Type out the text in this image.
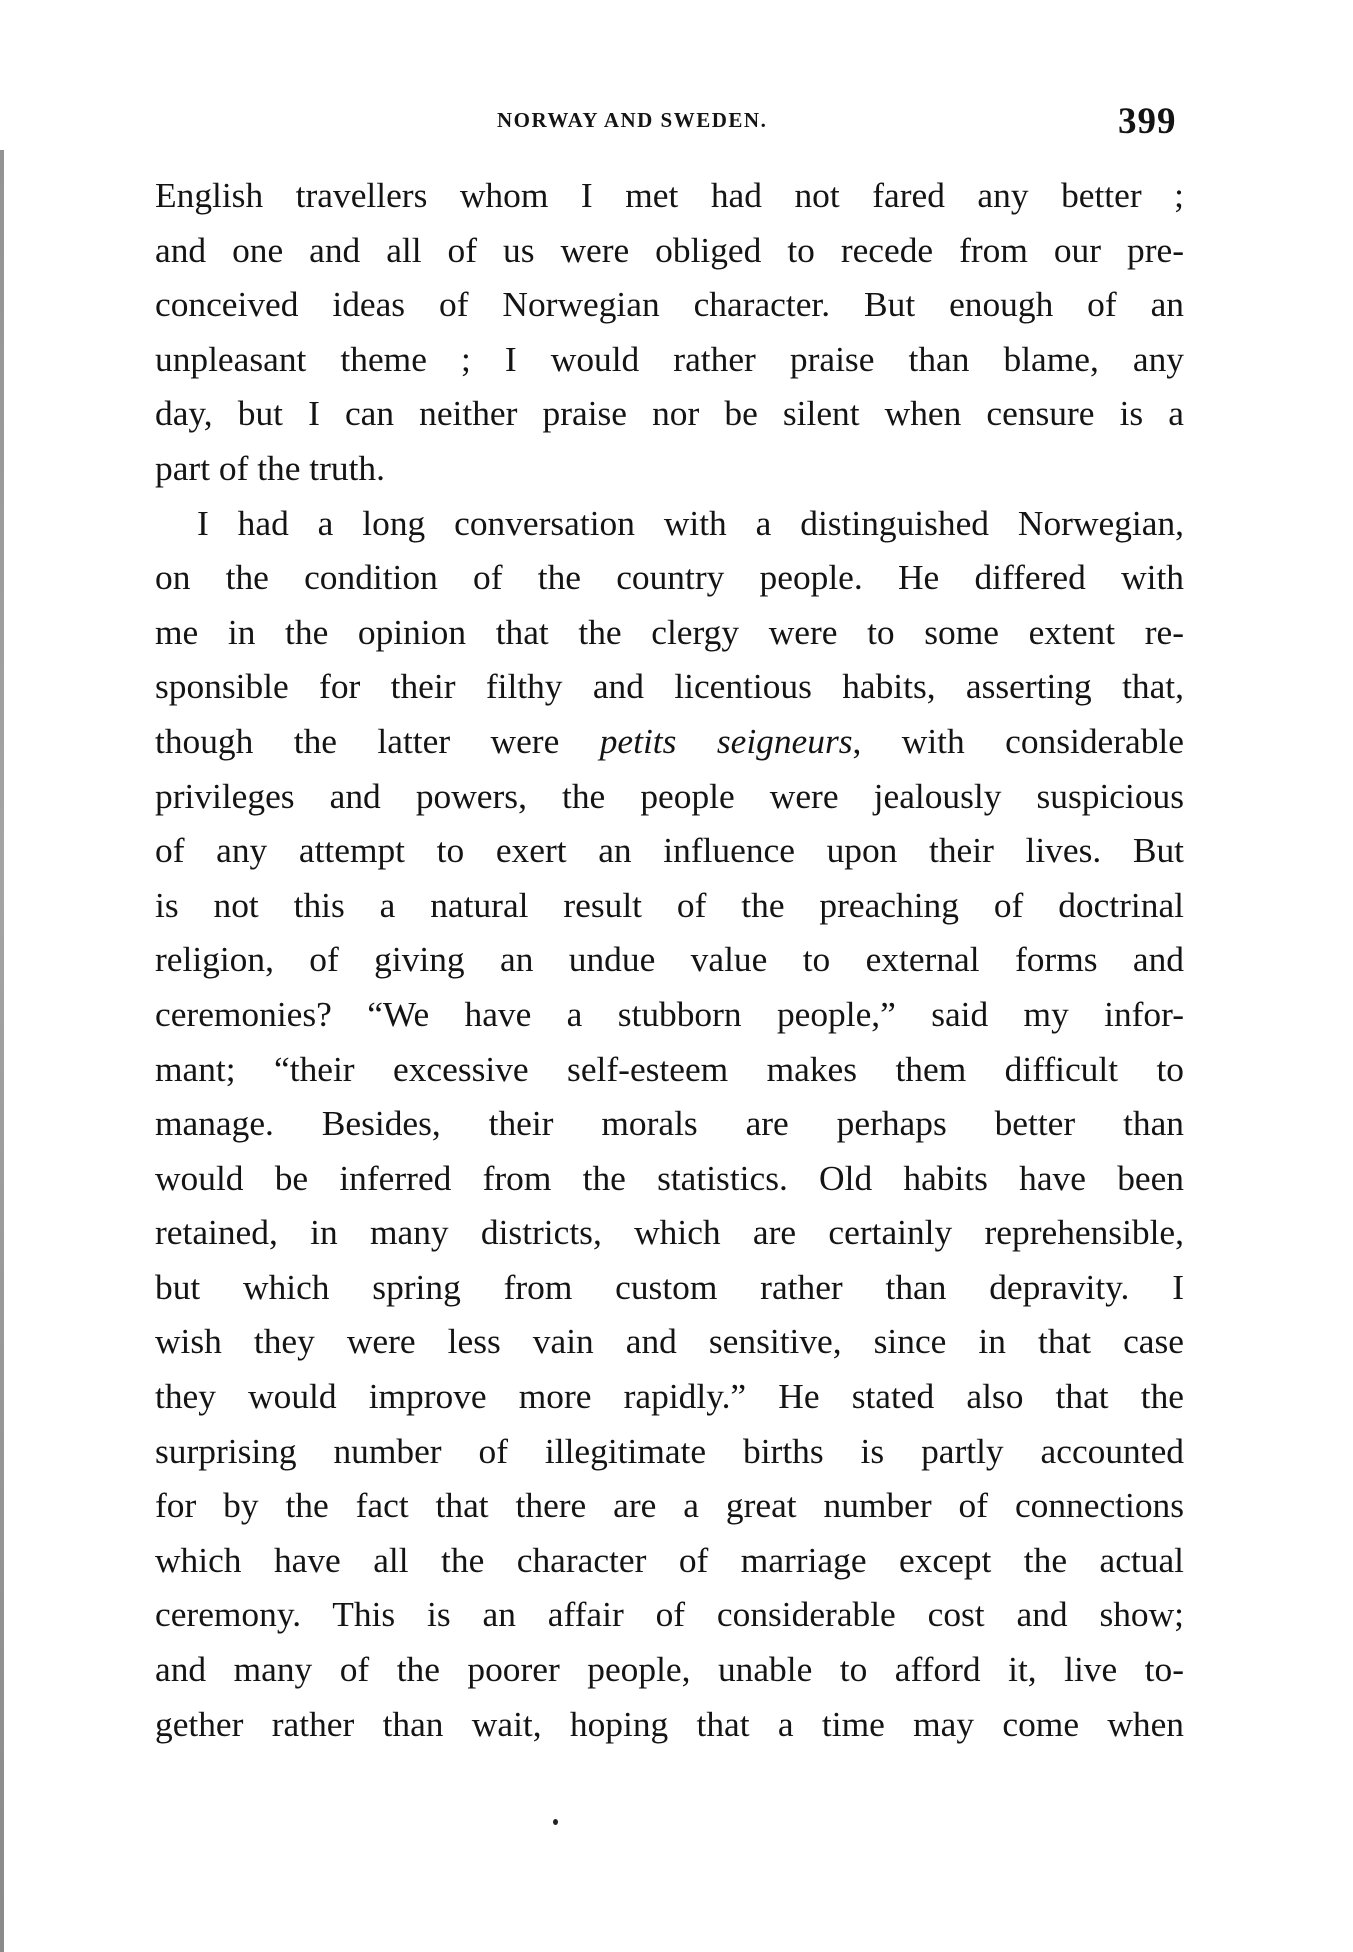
NORWAY AND SWEDEN.	399

English travellers whom I met had not fared any better ;

and one and all of us were obliged to recede from our pre-

conceived ideas of Norwegian character. But enough of an

unpleasant theme ; I would rather praise than blame, any

day, but I can neither praise nor be silent when censure is a

part of the truth.

I had a long conversation with a distinguished Norwegian,

on the condition of the country people. He differed with

me in the opinion that the clergy were to some extent re-

sponsible for their filthy and licentious habits, asserting that,

though the latter were petits seigneurs, with considerable

privileges and powers, the people were jealously suspicious

of any attempt to exert an influence upon their lives. But

is not this a natural result of the preaching of doctrinal

religion, of giving an undue value to external forms and

ceremonies? “We have a stubborn people,” said my infor-

mant; “their excessive self-esteem makes them difficult to

manage. Besides, their morals are perhaps better than

would be inferred from the statistics. Old habits have been

retained, in many districts, which are certainly reprehensible,

but which spring from custom rather than depravity. I

wish they were less vain and sensitive, since in that case

they would improve more rapidly.” He stated also that the

surprising number of illegitimate births is partly accounted

for by the fact that there are a great number of connections

which have all the character of marriage except the actual

ceremony. This is an affair of considerable cost and show;

and many of the poorer people, unable to afford it, live to-

gether rather than wait, hoping that a time may come when
